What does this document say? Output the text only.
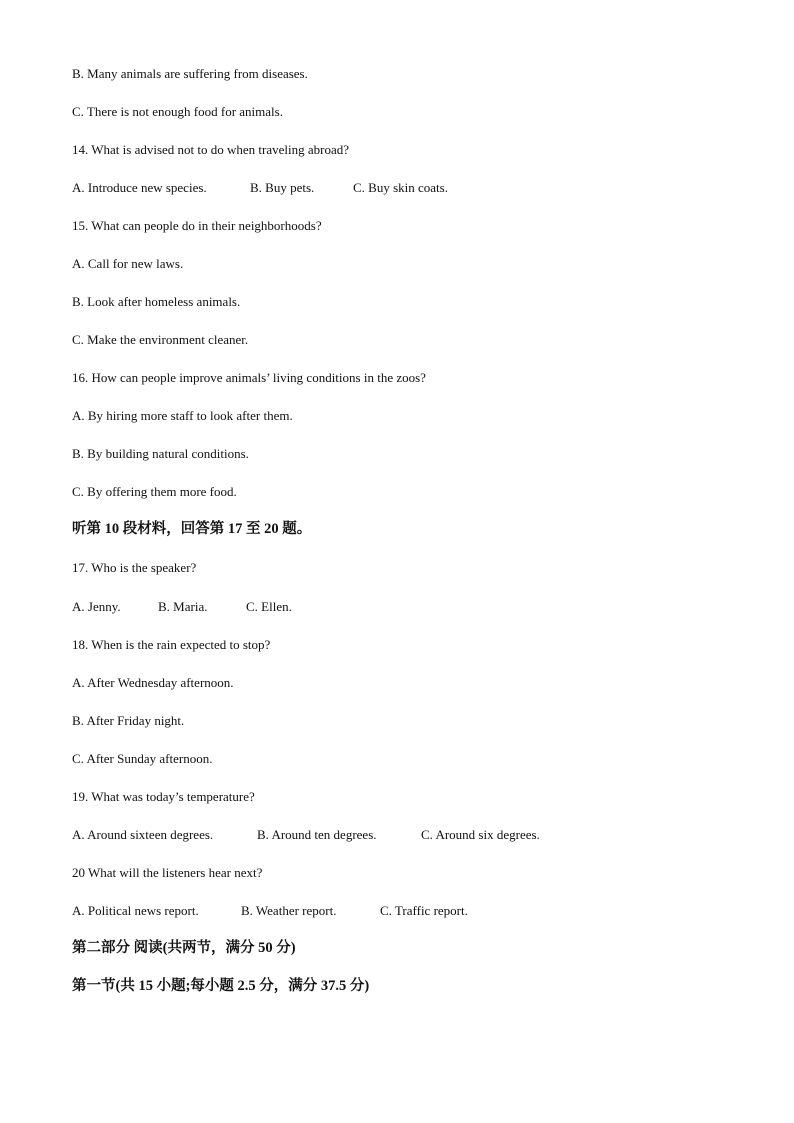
B. Many animals are suffering from diseases.
C. There is not enough food for animals.
14. What is advised not to do when traveling abroad?
A. Introduce new species.	B. Buy pets.	C. Buy skin coats.
15. What can people do in their neighborhoods?
A. Call for new laws.
B. Look after homeless animals.
C. Make the environment cleaner.
16. How can people improve animals’ living conditions in the zoos?
A. By hiring more staff to look after them.
B. By building natural conditions.
C. By offering them more food.
听第 10 段材料，回答第 17 至 20 题。
17. Who is the speaker?
A. Jenny.	B. Maria.	C. Ellen.
18. When is the rain expected to stop?
A. After Wednesday afternoon.
B. After Friday night.
C. After Sunday afternoon.
19. What was today’s temperature?
A. Around sixteen degrees.	B. Around ten degrees.	C. Around six degrees.
20 What will the listeners hear next?
A. Political news report.	B. Weather report.	C. Traffic report.
第二部分 阅读(共两节，满分 50 分)
第一节(共 15 小题;每小题 2.5 分，满分 37.5 分)
